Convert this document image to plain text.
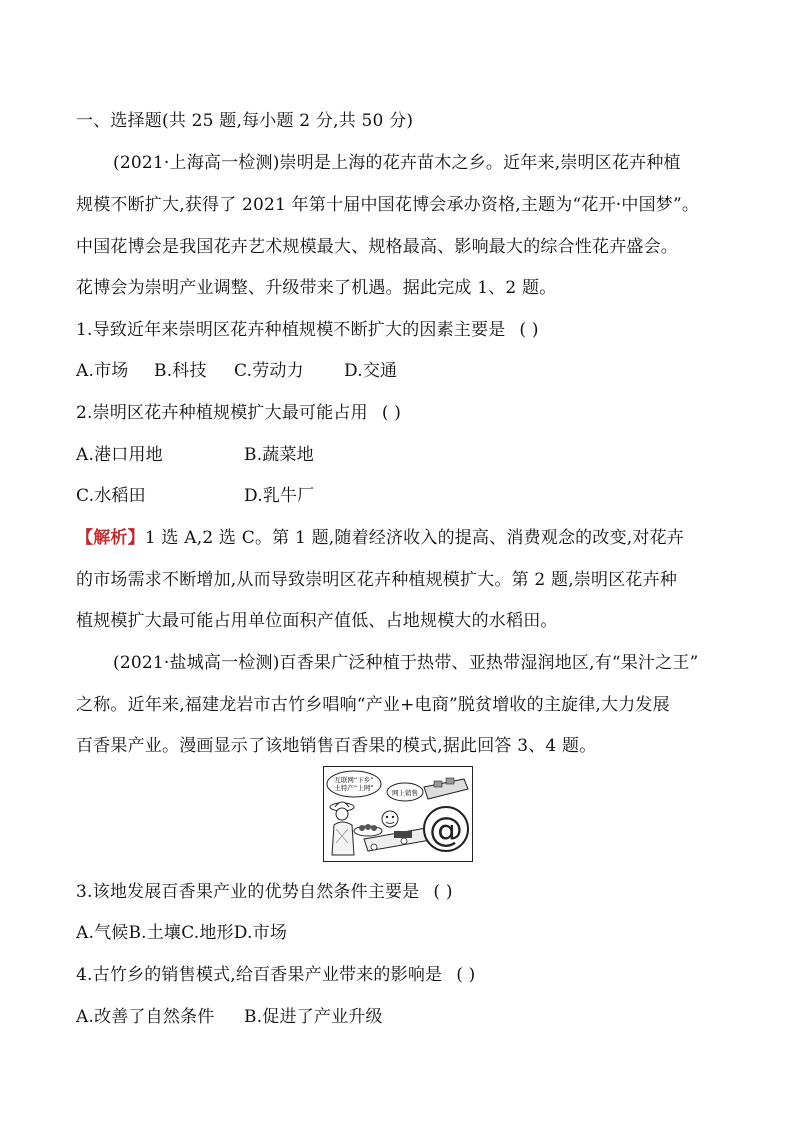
一、选择题(共 25 题,每小题 2 分,共 50 分)
(2021·上海高一检测)崇明是上海的花卉苗木之乡。近年来,崇明区花卉种植
规模不断扩大,获得了 2021 年第十届中国花博会承办资格,主题为“花开·中国梦”。
中国花博会是我国花卉艺术规模最大、规格最高、影响最大的综合性花卉盛会。
花博会为崇明产业调整、升级带来了机遇。据此完成 1、2 题。
1.导致近年来崇明区花卉种植规模不断扩大的因素主要是 ( )
A.市场 B.科技 C.劳动力 D.交通
2.崇明区花卉种植规模扩大最可能占用 ( )
A.港口用地	B.蔬菜地
C.水稻田	D.乳牛厂
【解析】1 选 A,2 选 C。第 1 题,随着经济收入的提高、消费观念的改变,对花卉
的市场需求不断增加,从而导致崇明区花卉种植规模扩大。第 2 题,崇明区花卉种
植规模扩大最可能占用单位面积产值低、占地规模大的水稻田。
(2021·盐城高一检测)百香果广泛种植于热带、亚热带湿润地区,有“果汁之王”
之称。近年来,福建龙岩市古竹乡唱响“产业+电商”脱贫增收的主旋律,大力发展
百香果产业。漫画显示了该地销售百香果的模式,据此回答 3、4 题。
互联网“下乡”
土特产“上网”
网上销售
@
3.该地发展百香果产业的优势自然条件主要是 ( )
A.气候B.土壤C.地形D.市场
4.古竹乡的销售模式,给百香果产业带来的影响是 ( )
A.改善了自然条件 B.促进了产业升级
